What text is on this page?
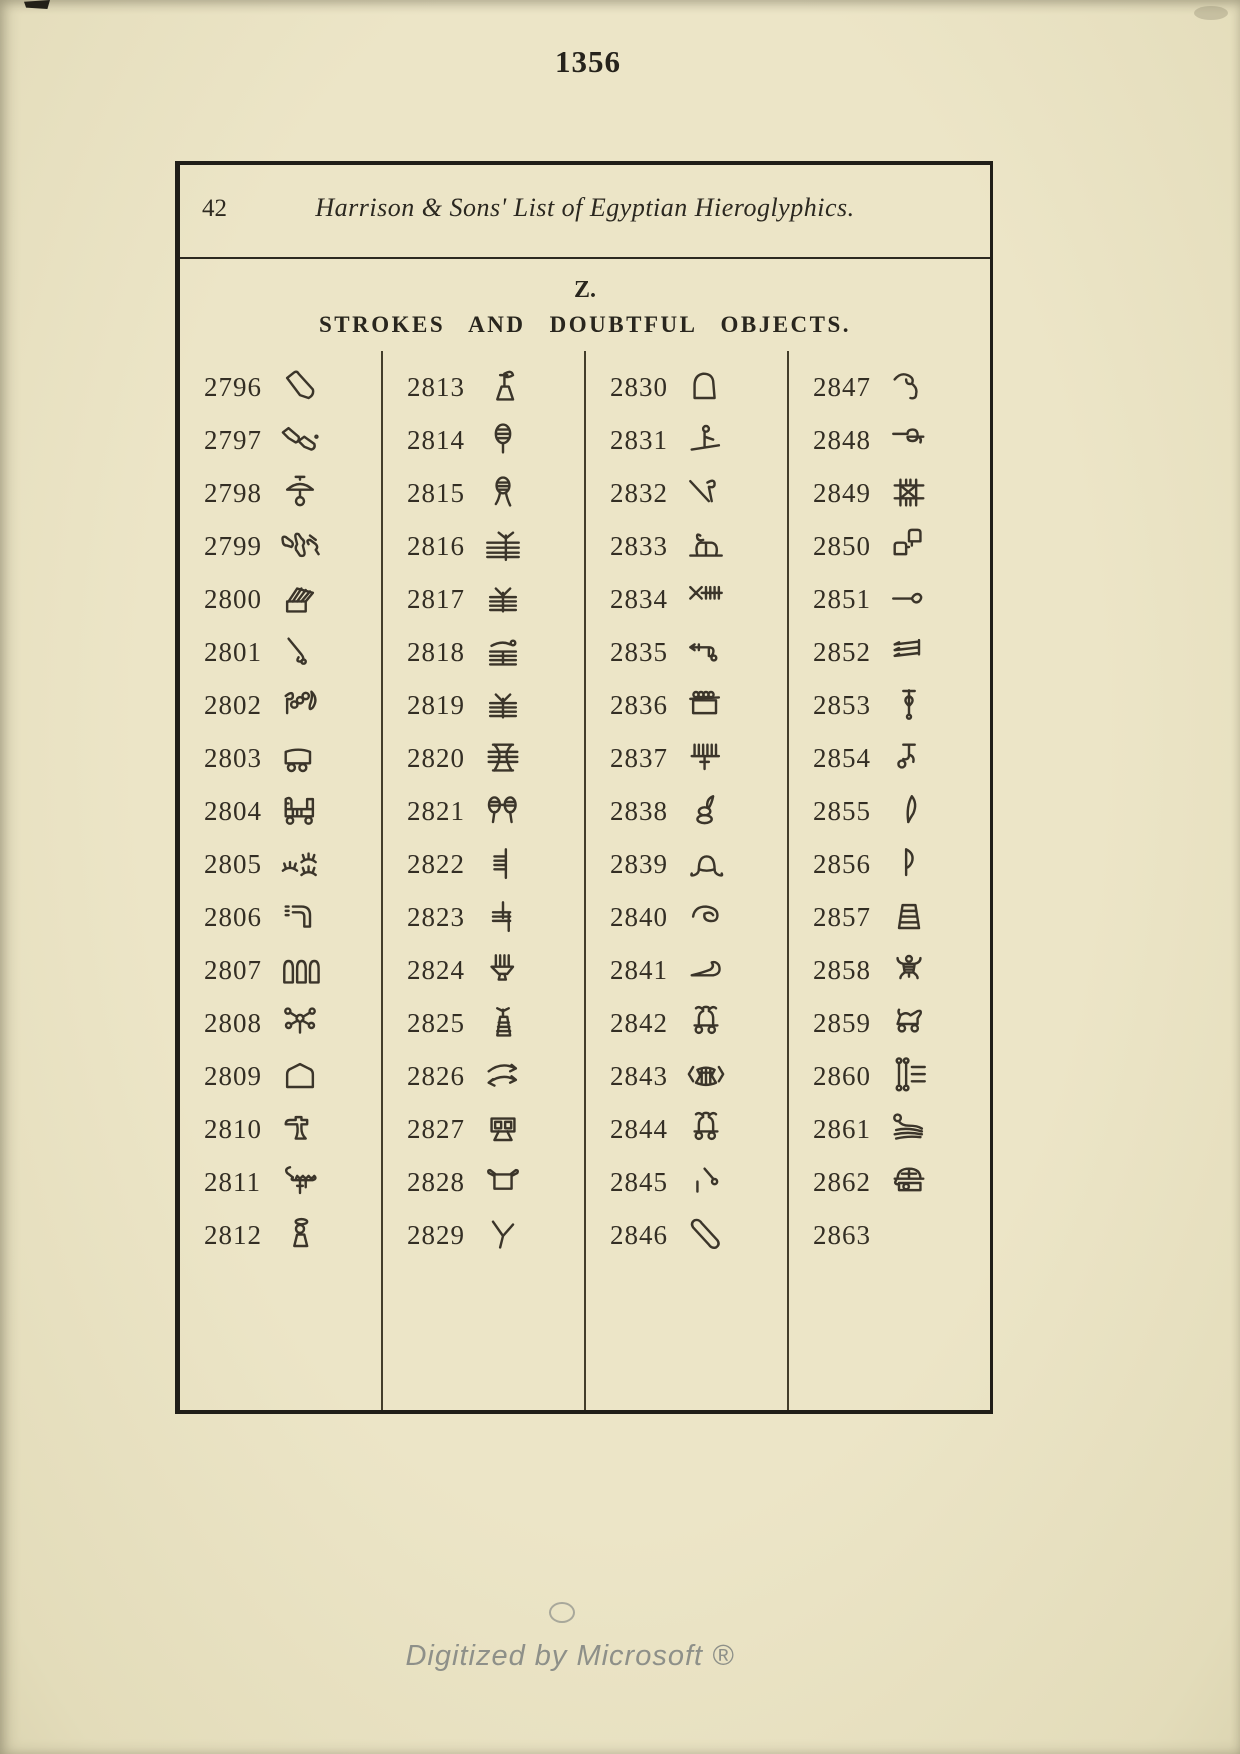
1356
42	Harrison & Sons' List of Egyptian Hieroglyphics.
Z.
STROKES AND DOUBTFUL OBJECTS.
2796
2797
2798
2799
2800
2801
2802
2803
2804
2805
2806
2807
2808
2809
2810
2811
2812
2813
2814
2815
2816
2817
2818
2819
2820
2821
2822
2823
2824
2825
2826
2827
2828
2829
2830
2831
2832
2833
2834
2835
2836
2837
2838
2839
2840
2841
2842
2843
2844
2845
2846
2847
2848
2849
2850
2851
2852
2853
2854
2855
2856
2857
2858
2859
2860
2861
2862
2863
Digitized by Microsoft ®
